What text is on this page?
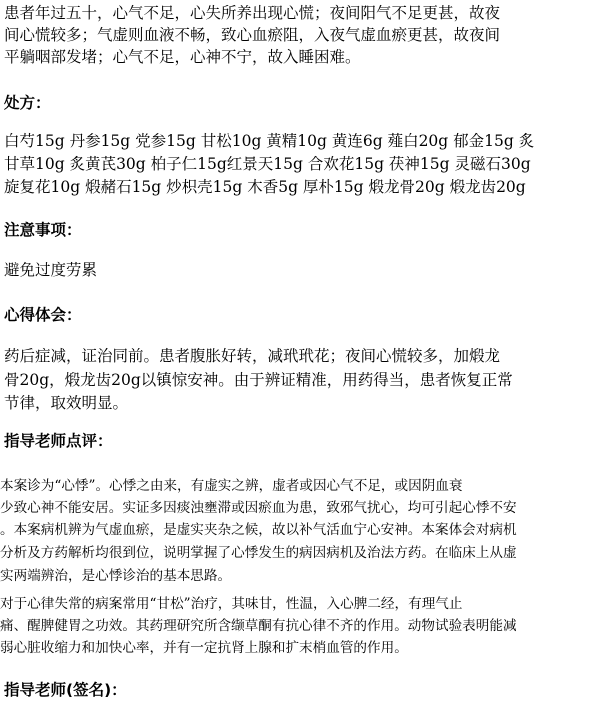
患者年过五十，心气不足，心失所养出现心慌；夜间阳气不足更甚，故夜
间心慌较多；气虚则血液不畅，致心血瘀阻，入夜气虚血瘀更甚，故夜间
平躺咽部发堵；心气不足，心神不宁，故入睡困难。
处方：
白芍15g 丹参15g 党参15g 甘松10g 黄精10g 黄连6g 薤白20g 郁金15g 炙
甘草10g 炙黄芪30g 柏子仁15g红景天15g 合欢花15g 茯神15g 灵磁石30g
旋复花10g 煅赭石15g 炒枳壳15g 木香5g 厚朴15g 煅龙骨20g 煅龙齿20g
注意事项：
避免过度劳累
心得体会：
药后症减，证治同前。患者腹胀好转，减玳玳花；夜间心慌较多，加煅龙
骨20g，煅龙齿20g以镇惊安神。由于辨证精准，用药得当，患者恢复正常
节律，取效明显。
指导老师点评：
本案诊为“心悸”。心悸之由来，有虚实之辨，虚者或因心气不足，或因阴血衰
少致心神不能安居。实证多因痰浊壅滞或因瘀血为患，致邪气扰心，均可引起心悸不安
。本案病机辨为气虚血瘀，是虚实夹杂之候，故以补气活血宁心安神。本案体会对病机
分析及方药解析均很到位，说明掌握了心悸发生的病因病机及治法方药。在临床上从虚
实两端辨治，是心悸诊治的基本思路。
对于心律失常的病案常用“甘松”治疗，其味甘，性温，入心脾二经，有理气止
痛、醒脾健胃之功效。其药理研究所含缬草酮有抗心律不齐的作用。动物试验表明能减
弱心脏收缩力和加快心率，并有一定抗肾上腺和扩末梢血管的作用。
指导老师(签名)：
